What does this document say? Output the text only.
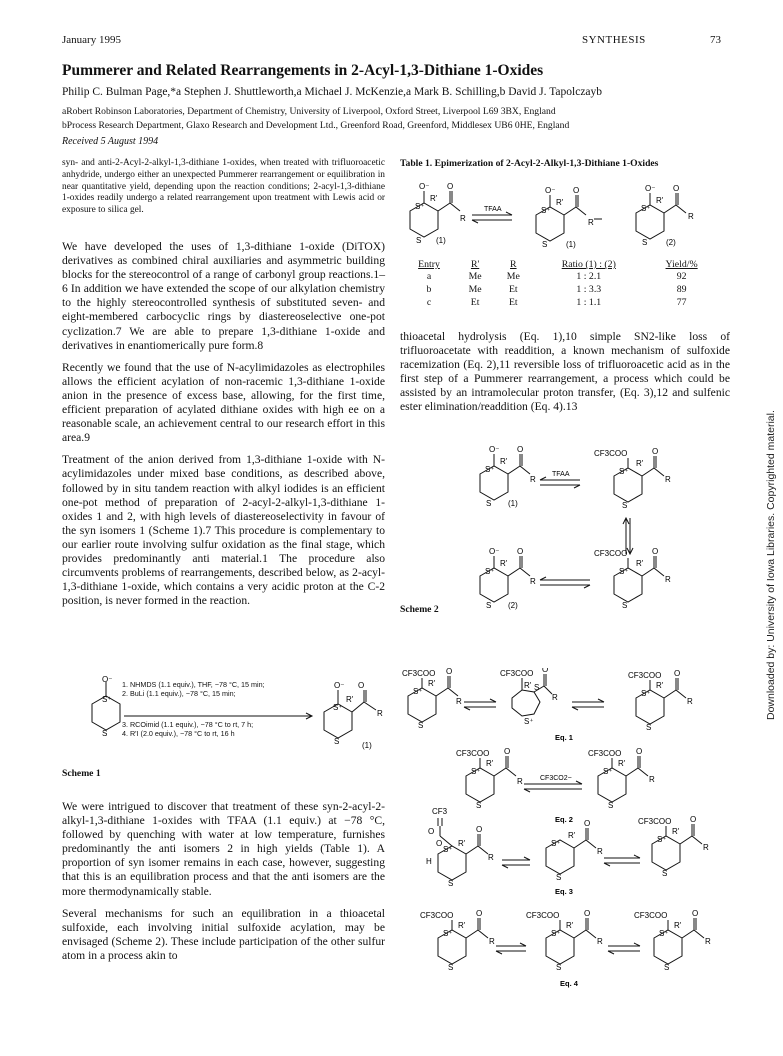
January 1995	SYNTHESIS	73
Pummerer and Related Rearrangements in 2-Acyl-1,3-Dithiane 1-Oxides
Philip C. Bulman Page,*a Stephen J. Shuttleworth,a Michael J. McKenzie,a Mark B. Schilling,b David J. Tapolczayb
aRobert Robinson Laboratories, Department of Chemistry, University of Liverpool, Oxford Street, Liverpool L69 3BX, England
bProcess Research Department, Glaxo Research and Development Ltd., Greenford Road, Greenford, Middlesex UB6 0HE, England
Received 5 August 1994
Downloaded by: University of Iowa Libraries. Copyrighted material.

syn- and anti-2-Acyl-2-alkyl-1,3-dithiane 1-oxides, when treated with trifluoroacetic anhydride, undergo either an unexpected Pummerer rearrangement or equilibration in near quantitative yield, depending upon the reaction conditions; 2-acyl-1,3-dithiane 1-oxides readily undergo a related rearrangement upon treatment with Lewis acid or exposure to silica gel.

We have developed the uses of 1,3-dithiane 1-oxide (DiTOX) derivatives as combined chiral auxiliaries and asymmetric building blocks for the stereocontrol of a range of carbonyl group reactions.1–6 In addition we have extended the scope of our alkylation chemistry to the highly stereocontrolled synthesis of substituted seven- and eight-membered carbocyclic rings by diastereoselective one-pot cyclization.7 We are able to prepare 1,3-dithiane 1-oxide and derivatives in enantiomerically pure form.8

Recently we found that the use of N-acylimidazoles as electrophiles allows the efficient acylation of non-racemic 1,3-dithiane 1-oxide anion in the presence of excess base, allowing, for the first time, efficient preparation of acylated dithiane oxides with high ee on a reasonable scale, an achievement central to our research effort in this area.9

Treatment of the anion derived from 1,3-dithiane 1-oxide with N-acylimidazoles under mixed base conditions, as described above, followed by in situ tandem reaction with alkyl iodides is an efficient one-pot method of preparation of 2-acyl-2-alkyl-1,3-dithiane 1-oxides 1 and 2, with high levels of diastereoselectivity in favour of the syn isomers 1 (Scheme 1).7 This procedure is complementary to our earlier route involving sulfur oxidation as the final stage, which provides predominantly anti material.1 The procedure also circumvents problems of rearrangements, described below, as 2-acyl-1,3-dithiane 1-oxide, which contains a very acidic proton at the C-2 position, is never formed in the reaction.

O⁻
S⁺
S
O⁻
S⁺
S
O
R'
R
(1)
1. NHMDS (1.1 equiv.), THF, −78 °C, 15 min;
2. BuLi (1.1 equiv.), −78 °C, 15 min;
3. RCOimid (1.1 equiv.), −78 °C to rt, 7 h;
4. R'I (2.0 equiv.), −78 °C to rt, 16 h
Scheme 1

We were intrigued to discover that treatment of these syn-2-acyl-2-alkyl-1,3-dithiane 1-oxides with TFAA (1.1 equiv.) at −78 °C, followed by quenching with water at low temperature, furnishes predominantly the anti isomers 2 in high yields (Table 1). A proportion of syn isomer remains in each case, however, suggesting that this is an equilibration process and that the anti isomers are the more thermodynamically stable.

Several mechanisms for such an equilibration in a thioacetal sulfoxide, each involving initial sulfoxide acylation, may be envisaged (Scheme 2). These include participation of the other sulfur atom in a process akin to

Table 1. Epimerization of 2-Acyl-2-Alkyl-1,3-Dithiane 1-Oxides
O⁻
S⁺
S
R'
O
R
TFAA
(1)
O⁻
S⁺
S
R'
O
R
(1)
O⁻
S⁺
S
R'
O
R
(2)
Entry	R'	R	Ratio (1) : (2)	Yield/%
a	Me	Me	1 : 2.1	92
b	Me	Et	1 : 3.3	89
c	Et	Et	1 : 1.1	77

thioacetal hydrolysis (Eq. 1),10 simple SN2-like loss of trifluoroacetate with readdition, a known mechanism of sulfoxide racemization (Eq. 2),11 reversible loss of trifluoroacetic acid as in the first step of a Pummerer rearrangement, a process which could be assisted by an intramolecular proton transfer, (Eq. 3),12 and sulfenic ester elimination/readdition (Eq. 4).13

O⁻
S⁺
S
R'
O
R
(1)
TFAA
CF3COO
S⁺
S
R'
O
R
O⁻
S⁺
S
R'
O
R
(2)
CF3COO
S⁺
S
R'
O
R
Scheme 2
CF3COO
S⁺
S
R'
O
R
CF3COO
S
R'
O
R
S⁺
CF3COO
S⁺
S
R'
O
R
Eq. 1
CF3COO
S⁺
S
R'
O
R CF3CO2−
CF3COO
S⁺
S
R'
O
R
Eq. 2
CF3
O
O
S⁺
S
H
R'
O
R
S⁺
S
R'
O
R
CF3COO
S⁺
S
R'
O
R
Eq. 3
CF3COO
S⁺
S
R'
O
R
CF3COO
S⁺
S
R'
O
R
CF3COO
S⁺
S
R'
O
R
Eq. 4
